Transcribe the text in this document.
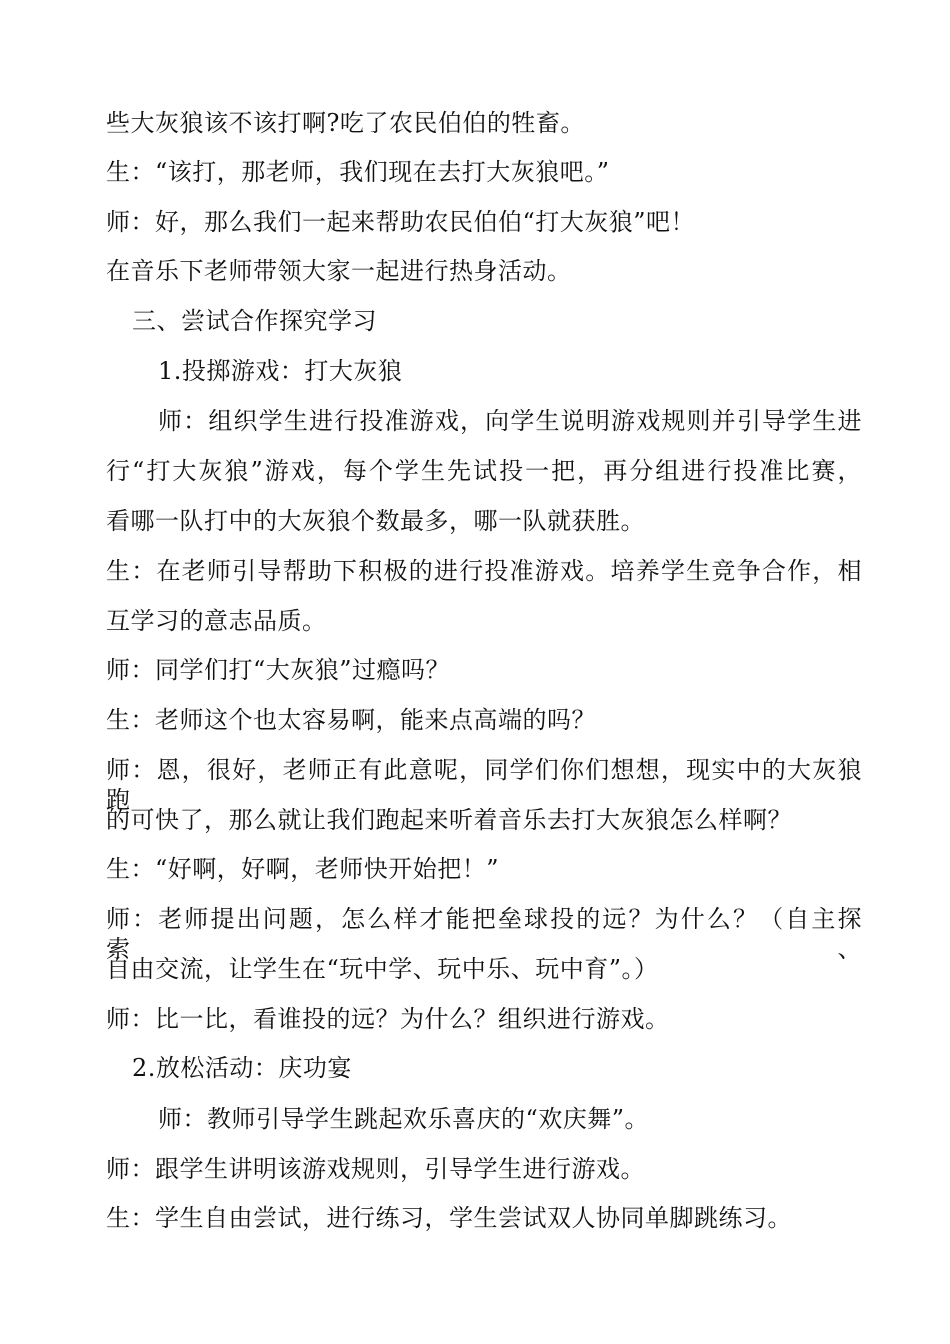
些大灰狼该不该打啊?吃了农民伯伯的牲畜。
生：“该打，那老师，我们现在去打大灰狼吧。”
师：好，那么我们一起来帮助农民伯伯“打大灰狼”吧！
在音乐下老师带领大家一起进行热身活动。
三、尝试合作探究学习
1.投掷游戏：打大灰狼
师：组织学生进行投准游戏，向学生说明游戏规则并引导学生进
行“打大灰狼”游戏，每个学生先试投一把，再分组进行投准比赛，
看哪一队打中的大灰狼个数最多，哪一队就获胜。
生：在老师引导帮助下积极的进行投准游戏。培养学生竞争合作，相
互学习的意志品质。
师：同学们打“大灰狼”过瘾吗？
生：老师这个也太容易啊，能来点高端的吗？
师：恩，很好，老师正有此意呢，同学们你们想想，现实中的大灰狼跑
的可快了，那么就让我们跑起来听着音乐去打大灰狼怎么样啊？
生：“好啊，好啊，老师快开始把！”
师：老师提出问题，怎么样才能把垒球投的远？为什么？（自主探索、
自由交流，让学生在“玩中学、玩中乐、玩中育”。）
师：比一比，看谁投的远？为什么？组织进行游戏。
2.放松活动：庆功宴
师：教师引导学生跳起欢乐喜庆的“欢庆舞”。
师：跟学生讲明该游戏规则，引导学生进行游戏。
生：学生自由尝试，进行练习，学生尝试双人协同单脚跳练习。
